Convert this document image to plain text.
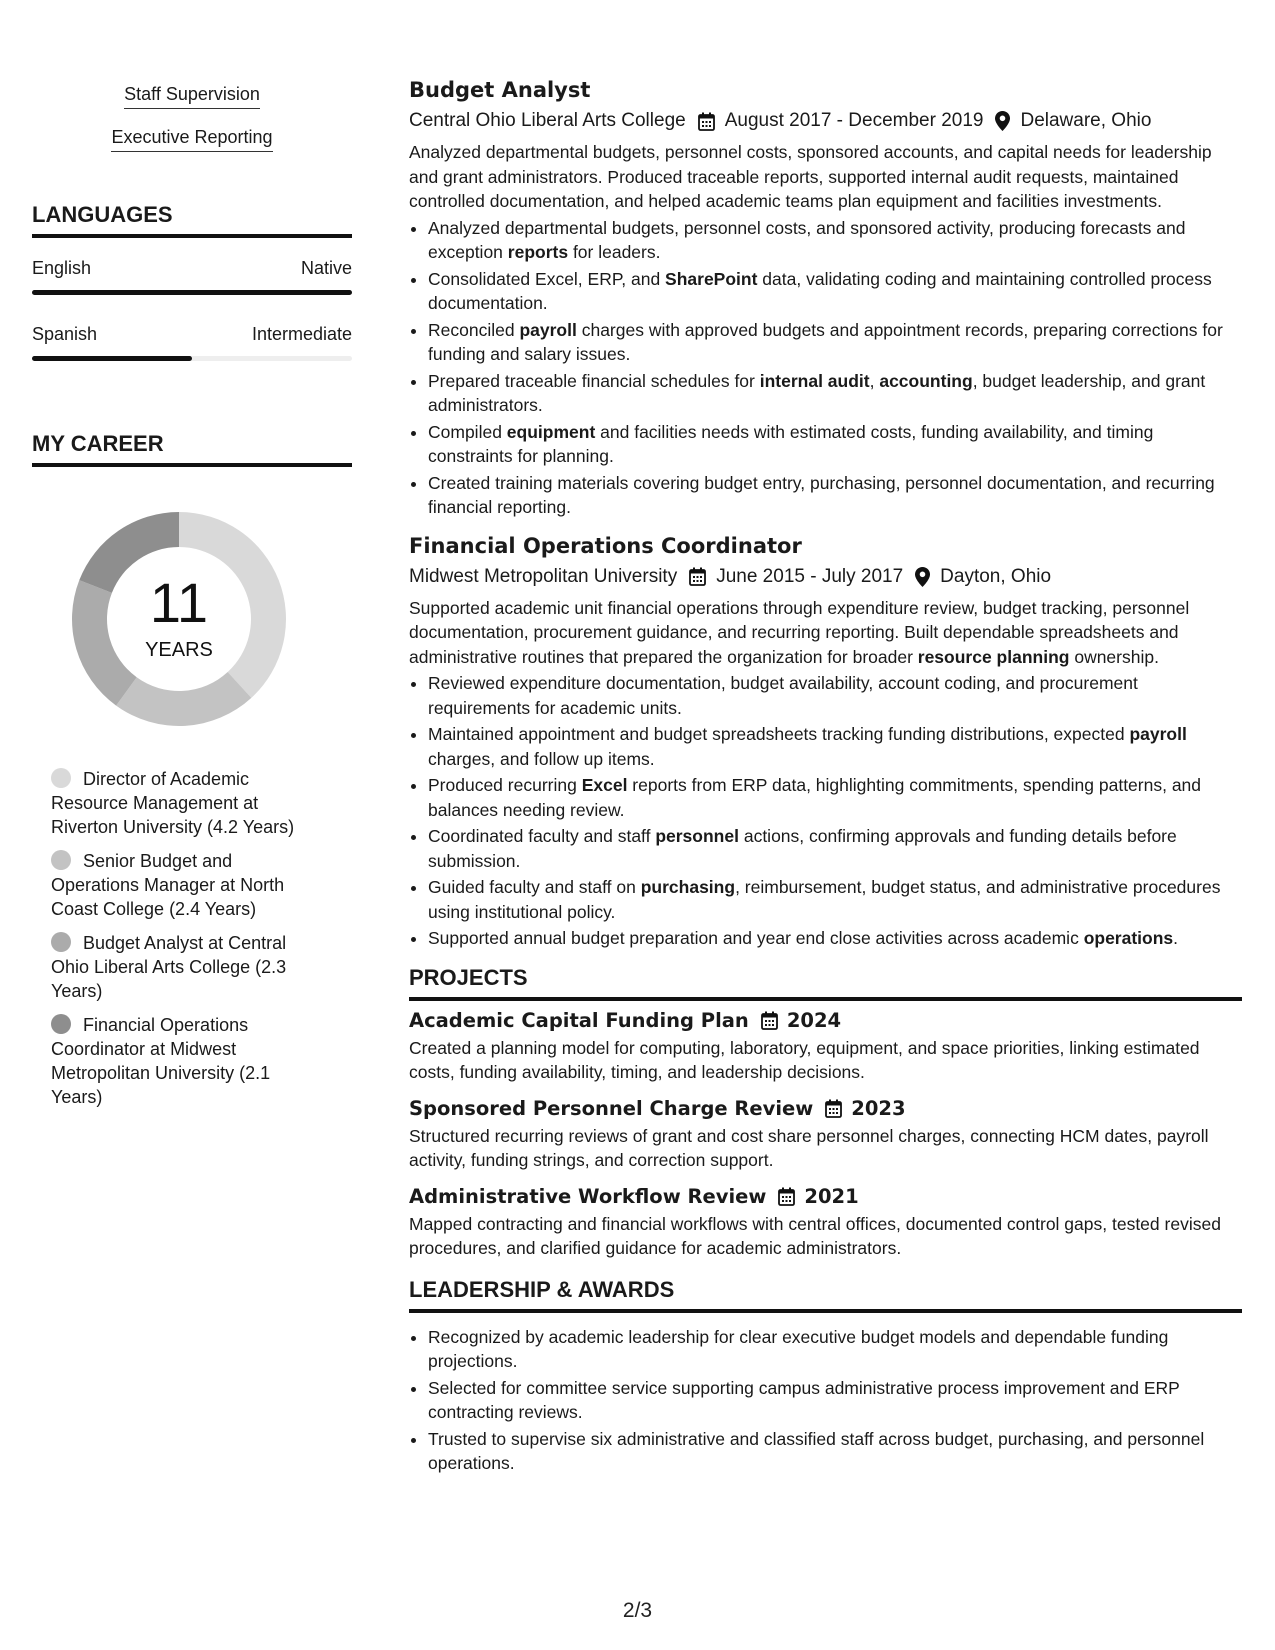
Staff Supervision
Executive Reporting
LANGUAGES
English	Native
Spanish	Intermediate
MY CAREER
11
YEARS
Director of Academic Resource Management at Riverton University (4.2 Years)
Senior Budget and Operations Manager at North Coast College (2.4 Years)
Budget Analyst at Central Ohio Liberal Arts College (2.3 Years)
Financial Operations Coordinator at Midwest Metropolitan University (2.1 Years)
Budget Analyst
Central Ohio Liberal Arts College August 2017 - December 2019 Delaware, Ohio
Analyzed departmental budgets, personnel costs, sponsored accounts, and capital needs for leadership and grant administrators. Produced traceable reports, supported internal audit requests, maintained controlled documentation, and helped academic teams plan equipment and facilities investments.
• Analyzed departmental budgets, personnel costs, and sponsored activity, producing forecasts and exception reports for leaders.
• Consolidated Excel, ERP, and SharePoint data, validating coding and maintaining controlled process documentation.
• Reconciled payroll charges with approved budgets and appointment records, preparing corrections for funding and salary issues.
• Prepared traceable financial schedules for internal audit, accounting, budget leadership, and grant administrators.
• Compiled equipment and facilities needs with estimated costs, funding availability, and timing constraints for planning.
• Created training materials covering budget entry, purchasing, personnel documentation, and recurring financial reporting.
Financial Operations Coordinator
Midwest Metropolitan University June 2015 - July 2017 Dayton, Ohio
Supported academic unit financial operations through expenditure review, budget tracking, personnel documentation, procurement guidance, and recurring reporting. Built dependable spreadsheets and administrative routines that prepared the organization for broader resource planning ownership.
• Reviewed expenditure documentation, budget availability, account coding, and procurement requirements for academic units.
• Maintained appointment and budget spreadsheets tracking funding distributions, expected payroll charges, and follow up items.
• Produced recurring Excel reports from ERP data, highlighting commitments, spending patterns, and balances needing review.
• Coordinated faculty and staff personnel actions, confirming approvals and funding details before submission.
• Guided faculty and staff on purchasing, reimbursement, budget status, and administrative procedures using institutional policy.
• Supported annual budget preparation and year end close activities across academic operations.
PROJECTS
Academic Capital Funding Plan 2024
Created a planning model for computing, laboratory, equipment, and space priorities, linking estimated costs, funding availability, timing, and leadership decisions.
Sponsored Personnel Charge Review 2023
Structured recurring reviews of grant and cost share personnel charges, connecting HCM dates, payroll activity, funding strings, and correction support.
Administrative Workflow Review 2021
Mapped contracting and financial workflows with central offices, documented control gaps, tested revised procedures, and clarified guidance for academic administrators.
LEADERSHIP & AWARDS
• Recognized by academic leadership for clear executive budget models and dependable funding projections.
• Selected for committee service supporting campus administrative process improvement and ERP contracting reviews.
• Trusted to supervise six administrative and classified staff across budget, purchasing, and personnel operations.
2/3
